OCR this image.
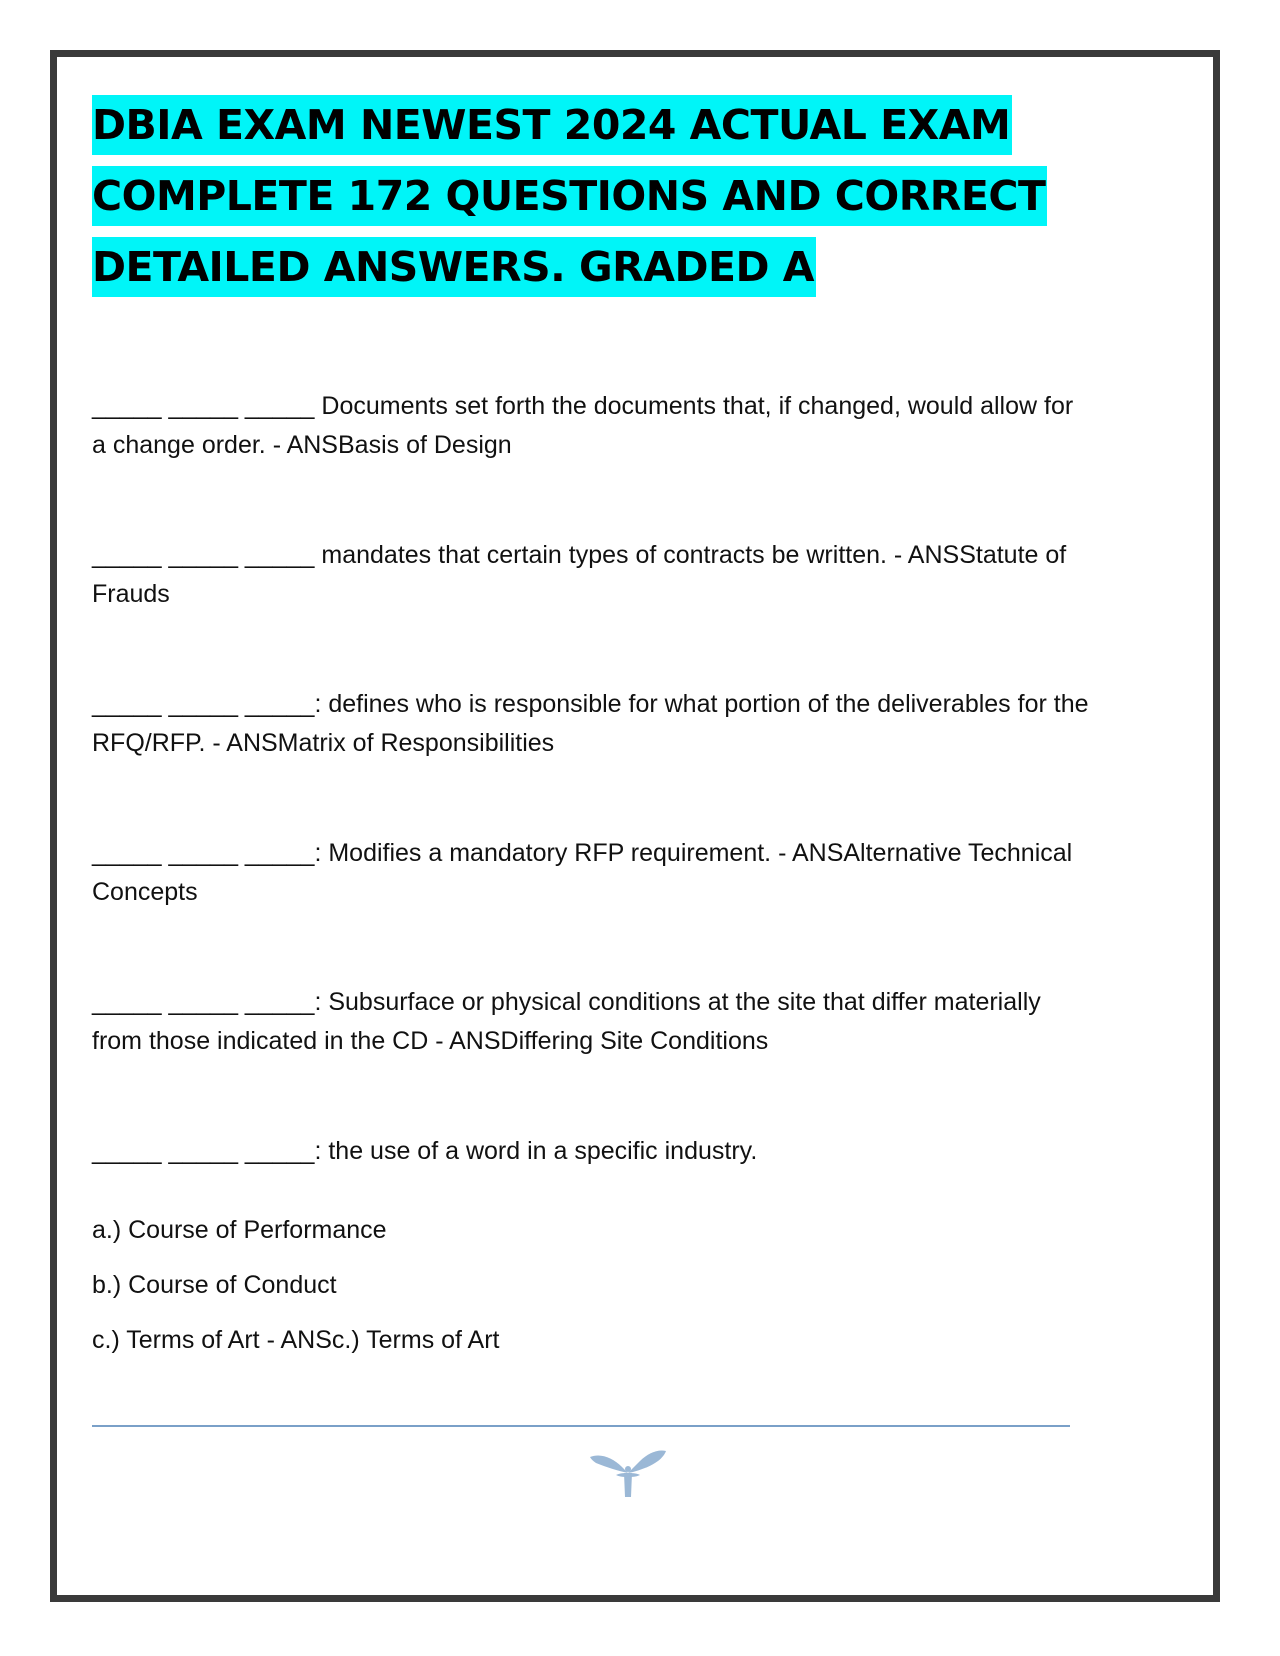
DBIA EXAM NEWEST 2024 ACTUAL EXAM COMPLETE 172 QUESTIONS AND CORRECT DETAILED ANSWERS. GRADED A

_____ _____ _____ Documents set forth the documents that, if changed, would allow for a change order. - ANSBasis of Design

_____ _____ _____ mandates that certain types of contracts be written. - ANSStatute of Frauds

_____ _____ _____: defines who is responsible for what portion of the deliverables for the RFQ/RFP. - ANSMatrix of Responsibilities

_____ _____ _____: Modifies a mandatory RFP requirement. - ANSAlternative Technical Concepts

_____ _____ _____: Subsurface or physical conditions at the site that differ materially from those indicated in the CD - ANSDiffering Site Conditions

_____ _____ _____: the use of a word in a specific industry.

a.) Course of Performance

b.) Course of Conduct

c.) Terms of Art - ANSc.) Terms of Art
